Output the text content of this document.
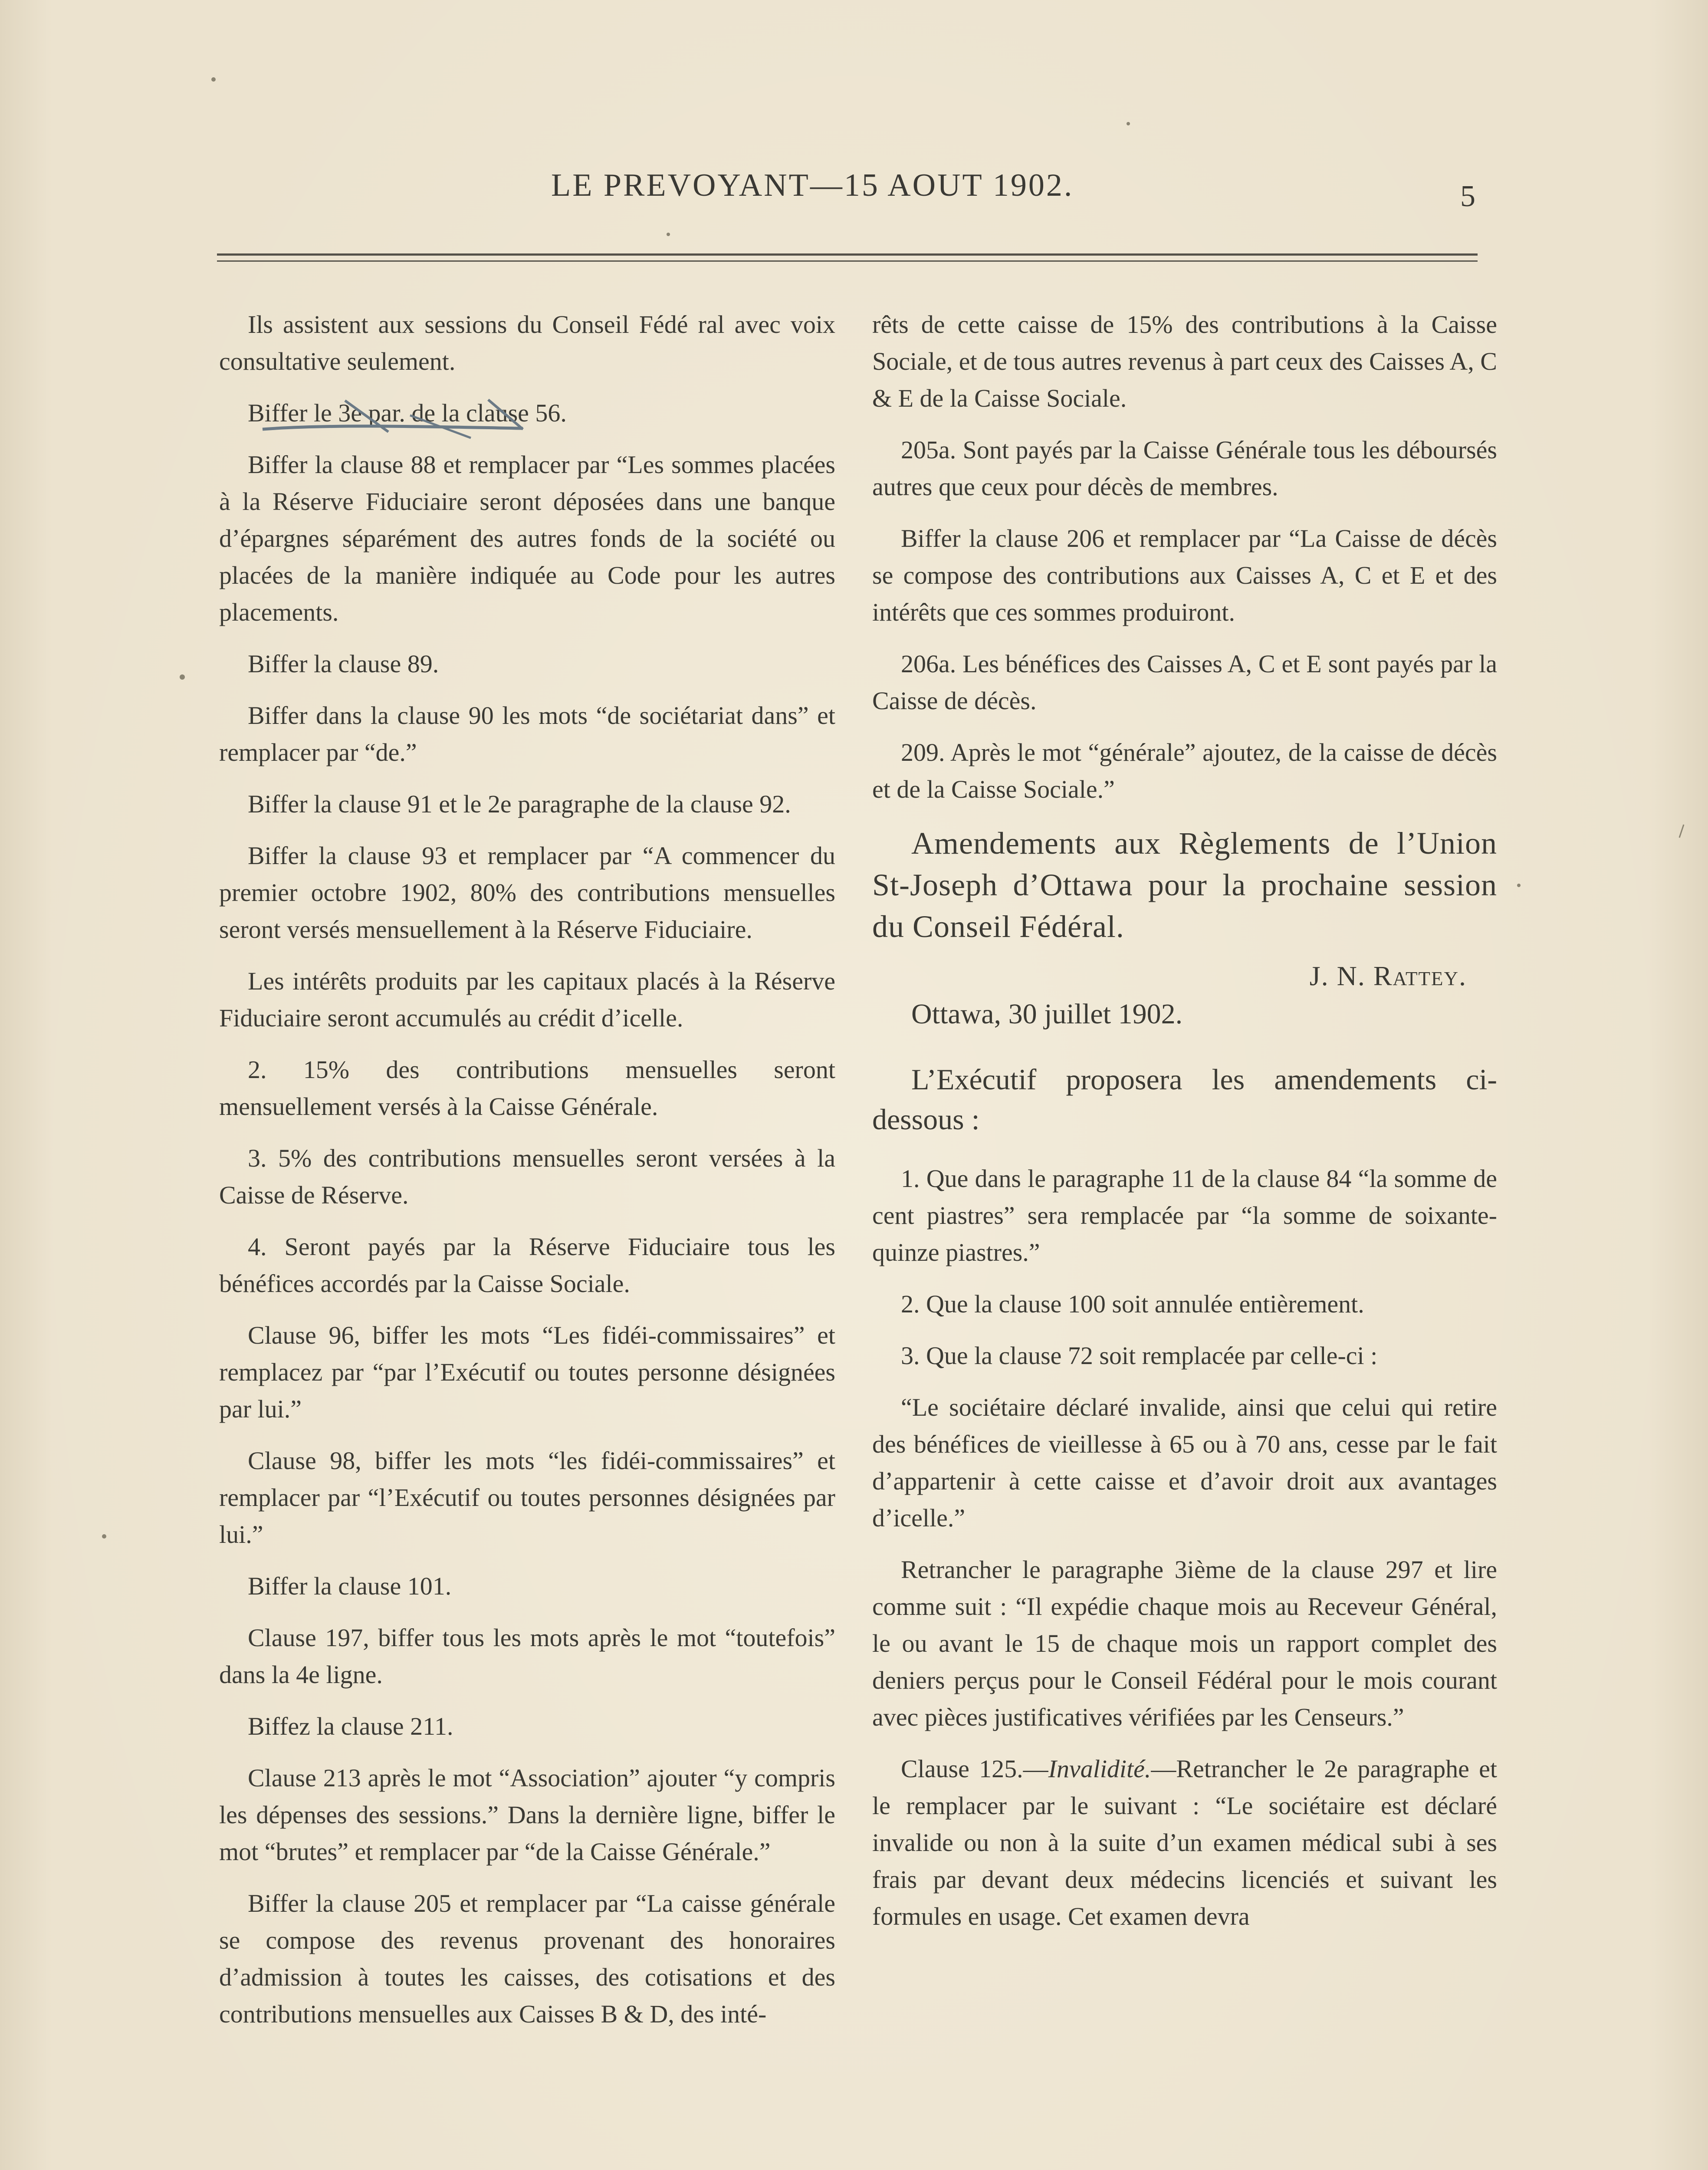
LE PREVOYANT—15 AOUT 1902.	5

Ils assistent aux sessions du Conseil Fédé ral avec voix consultative seulement.

Biffer le 3e par. de la clause 56.

Biffer la clause 88 et remplacer par “Les sommes placées à la Réserve Fiduciaire seront déposées dans une banque d’épargnes séparément des autres fonds de la société ou placées de la manière indiquée au Code pour les autres placements.

Biffer la clause 89.

Biffer dans la clause 90 les mots “de sociétariat dans” et remplacer par “de.”

Biffer la clause 91 et le 2e paragraphe de la clause 92.

Biffer la clause 93 et remplacer par “A commencer du premier octobre 1902, 80% des contributions mensuelles seront versés mensuellement à la Réserve Fiduciaire.

Les intérêts produits par les capitaux placés à la Réserve Fiduciaire seront accumulés au crédit d’icelle.

2. 15% des contributions mensuelles seront mensuellement versés à la Caisse Générale.

3. 5% des contributions mensuelles seront versées à la Caisse de Réserve.

4. Seront payés par la Réserve Fiduciaire tous les bénéfices accordés par la Caisse Sociale.

Clause 96, biffer les mots “Les fidéi-commissaires” et remplacez par “par l’Exécutif ou toutes personne désignées par lui.”

Clause 98, biffer les mots “les fidéi-commissaires” et remplacer par “l’Exécutif ou toutes personnes désignées par lui.”

Biffer la clause 101.

Clause 197, biffer tous les mots après le mot “toutefois” dans la 4e ligne.

Biffez la clause 211.

Clause 213 après le mot “Association” ajouter “y compris les dépenses des sessions.” Dans la dernière ligne, biffer le mot “brutes” et remplacer par “de la Caisse Générale.”

Biffer la clause 205 et remplacer par “La caisse générale se compose des revenus provenant des honoraires d’admission à toutes les caisses, des cotisations et des contributions mensuelles aux Caisses B & D, des inté-

rêts de cette caisse de 15% des contributions à la Caisse Sociale, et de tous autres revenus à part ceux des Caisses A, C & E de la Caisse Sociale.

205a. Sont payés par la Caisse Générale tous les déboursés autres que ceux pour décès de membres.

Biffer la clause 206 et remplacer par “La Caisse de décès se compose des contributions aux Caisses A, C et E et des intérêts que ces sommes produiront.

206a. Les bénéfices des Caisses A, C et E sont payés par la Caisse de décès.

209. Après le mot “générale” ajoutez, de la caisse de décès et de la Caisse Sociale.”

Amendements aux Règlements de l’Union St-Joseph d’Ottawa pour la prochaine session du Conseil Fédéral.
J. N. Rattey.
Ottawa, 30 juillet 1902.
L’Exécutif proposera les amendements ci-dessous :

1. Que dans le paragraphe 11 de la clause 84 “la somme de cent piastres” sera remplacée par “la somme de soixante-quinze piastres.”

2. Que la clause 100 soit annulée entièrement.

3. Que la clause 72 soit remplacée par celle-ci :

“Le sociétaire déclaré invalide, ainsi que celui qui retire des bénéfices de vieillesse à 65 ou à 70 ans, cesse par le fait d’appartenir à cette caisse et d’avoir droit aux avantages d’icelle.”

Retrancher le paragraphe 3ième de la clause 297 et lire comme suit : “Il expédie chaque mois au Receveur Général, le ou avant le 15 de chaque mois un rapport complet des deniers perçus pour le Conseil Fédéral pour le mois courant avec pièces justificatives vérifiées par les Censeurs.”

Clause 125.—Invalidité.—Retrancher le 2e paragraphe et le remplacer par le suivant : “Le sociétaire est déclaré invalide ou non à la suite d’un examen médical subi à ses frais par devant deux médecins licenciés et suivant les formules en usage. Cet examen devra
